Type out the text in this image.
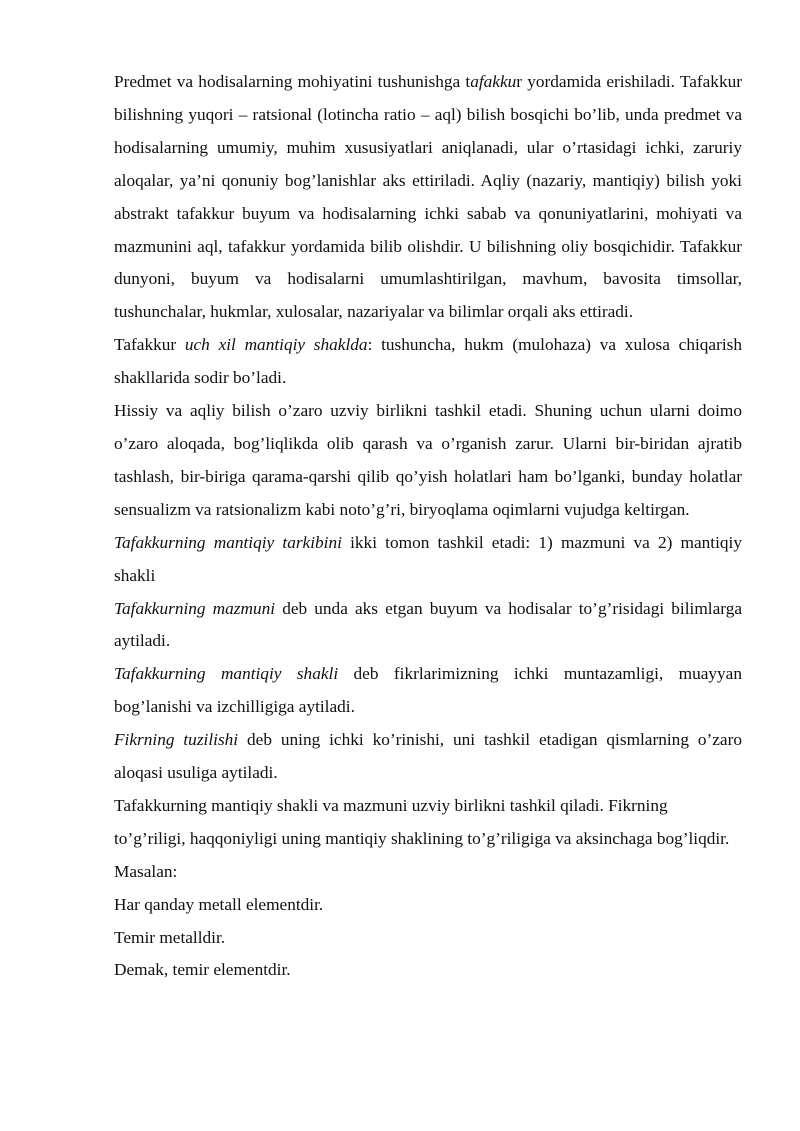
Predmet va hodisalarning mohiyatini tushunishga tafakkur yordamida erishiladi. Tafakkur bilishning yuqori – ratsional (lotincha ratio – aql) bilish bosqichi bo’lib, unda predmet va hodisalarning umumiy, muhim xususiyatlari aniqlanadi, ular o’rtasidagi ichki, zaruriy aloqalar, ya’ni qonuniy bog’lanishlar aks ettiriladi. Aqliy (nazariy, mantiqiy) bilish yoki abstrakt tafakkur buyum va hodisalarning ichki sabab va qonuniyatlarini, mohiyati va mazmunini aql, tafakkur yordamida bilib olishdir. U bilishning oliy bosqichidir. Tafakkur dunyoni, buyum va hodisalarni umumlashtirilgan, mavhum, bavosita timsollar, tushunchalar, hukmlar, xulosalar, nazariyalar va bilimlar orqali aks ettiradi.

Tafakkur uch xil mantiqiy shaklda: tushuncha, hukm (mulohaza) va xulosa chiqarish shakllarida sodir bo’ladi.

Hissiy va aqliy bilish o’zaro uzviy birlikni tashkil etadi. Shuning uchun ularni doimo o’zaro aloqada, bog’liqlikda olib qarash va o’rganish zarur. Ularni bir-biridan ajratib tashlash, bir-biriga qarama-qarshi qilib qo’yish holatlari ham bo’lganki, bunday holatlar sensualizm va ratsionalizm kabi noto’g’ri, biryoqlama oqimlarni vujudga keltirgan.

Tafakkurning mantiqiy tarkibini ikki tomon tashkil etadi: 1) mazmuni va 2) mantiqiy shakli

Tafakkurning mazmuni deb unda aks etgan buyum va hodisalar to’g’risidagi bilimlarga aytiladi.

Tafakkurning mantiqiy shakli deb fikrlarimizning ichki muntazamligi, muayyan bog’lanishi va izchilligiga aytiladi.

Fikrning tuzilishi deb uning ichki ko’rinishi, uni tashkil etadigan qismlarning o’zaro aloqasi usuliga aytiladi.

Tafakkurning mantiqiy shakli va mazmuni uzviy birlikni tashkil qiladi. Fikrning to’g’riligi, haqqoniyligi uning mantiqiy shaklining to’g’riligiga va aksinchaga bog’liqdir. Masalan:

Har qanday metall elementdir.

Temir metalldir.

Demak, temir elementdir.
